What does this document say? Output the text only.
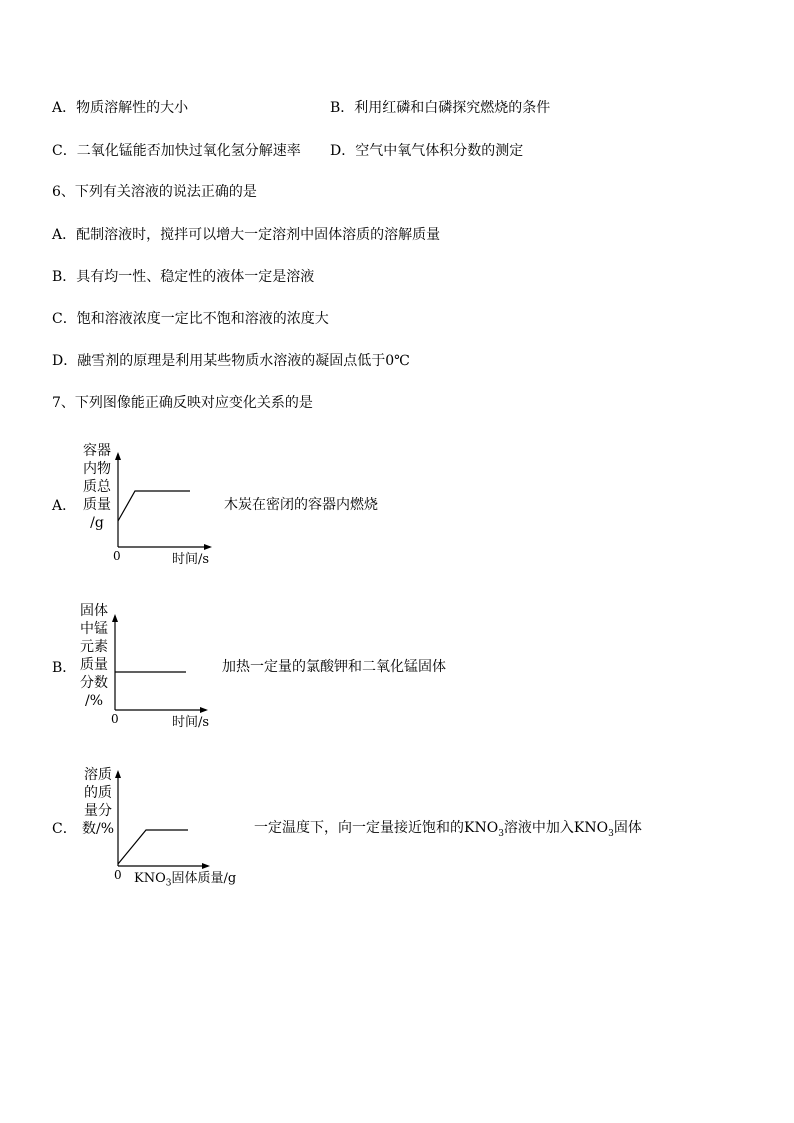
A．物质溶解性的大小	B．利用红磷和白磷探究燃烧的条件
C．二氧化锰能否加快过氧化氢分解速率 D．空气中氧气体积分数的测定
6、下列有关溶液的说法正确的是
A．配制溶液时，搅拌可以增大一定溶剂中固体溶质的溶解质量
B．具有均一性、稳定性的液体一定是溶液
C．饱和溶液浓度一定比不饱和溶液的浓度大
D．融雪剂的原理是利用某些物质水溶液的凝固点低于0℃
7、下列图像能正确反映对应变化关系的是
A．
容器
内物
质总
质量
/g
0	时间/s
木炭在密闭的容器内燃烧
B．
固体
中锰
元素
质量
分数
/%
0	时间/s
加热一定量的氯酸钾和二氧化锰固体
C．
溶质
的质
量分
数/%
0 $KNO_3$固体质量/g
一定温度下，向一定量接近饱和的$KNO_3$溶液中加入$KNO_3$固体
